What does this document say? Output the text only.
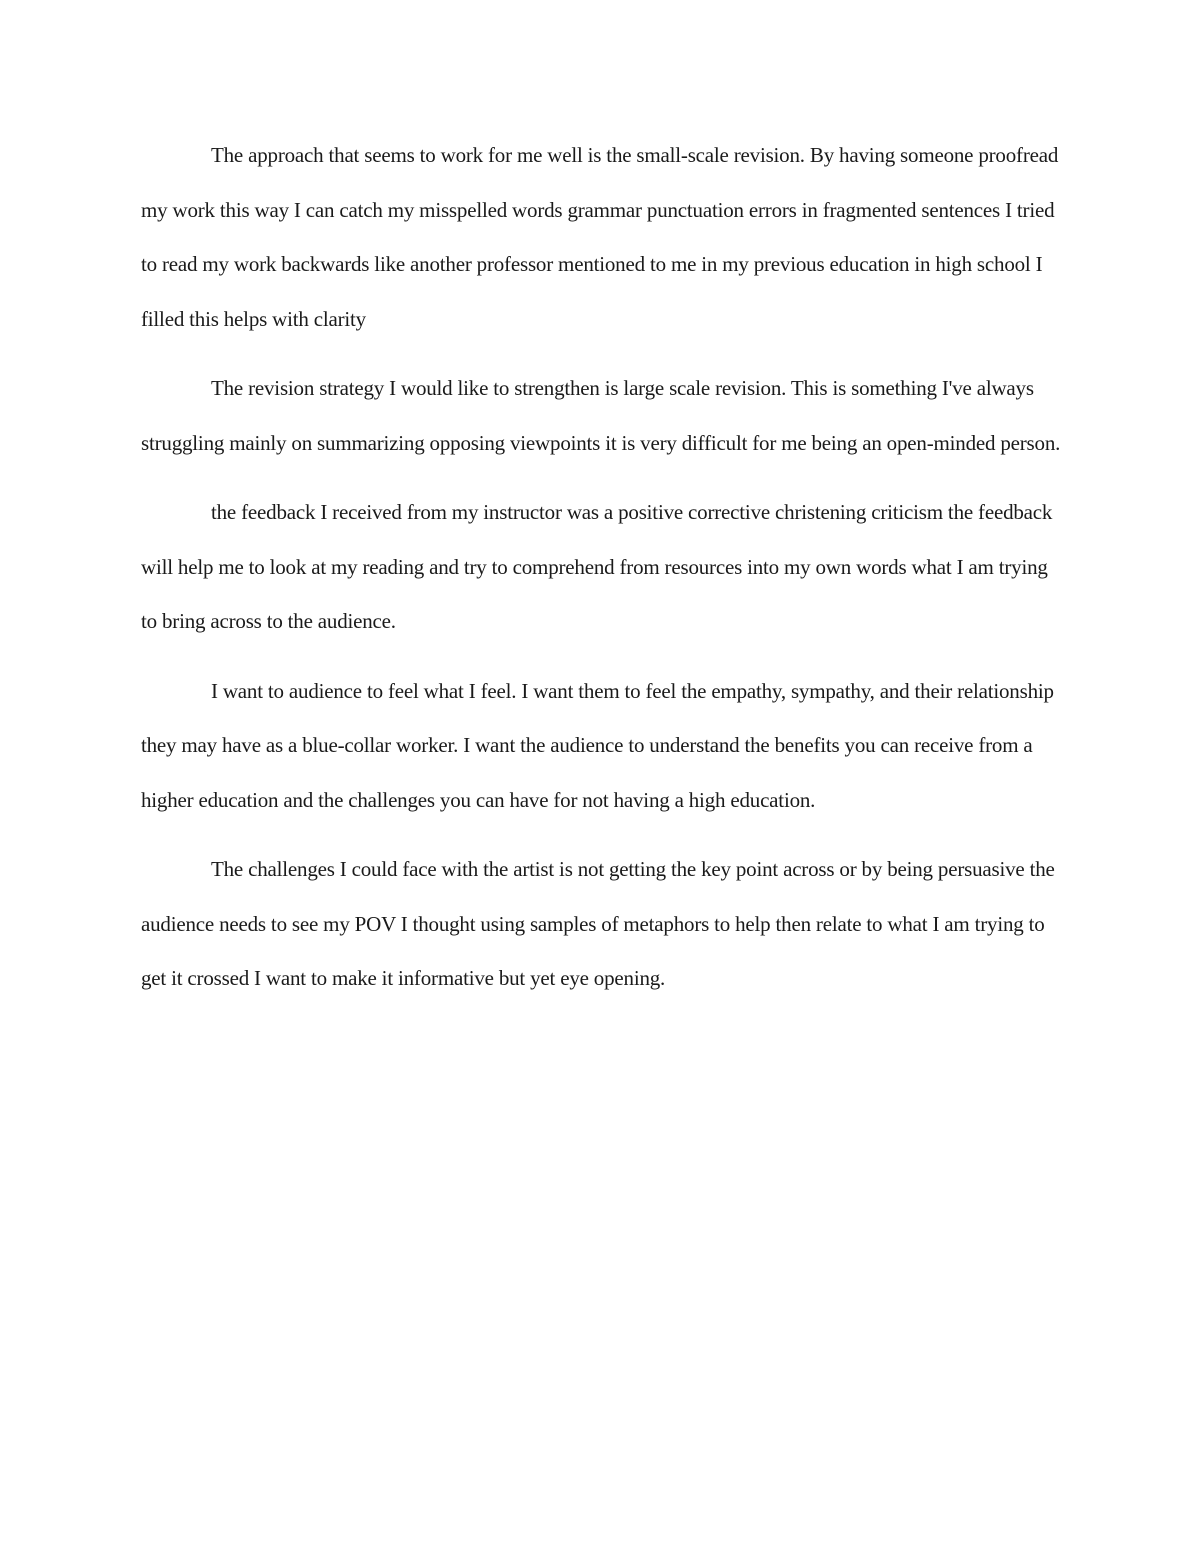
The approach that seems to work for me well is the small-scale revision. By having someone proofread my work this way I can catch my misspelled words grammar punctuation errors in fragmented sentences I tried to read my work backwards like another professor mentioned to me in my previous education in high school I filled this helps with clarity

The revision strategy I would like to strengthen is large scale revision. This is something I've always struggling mainly on summarizing opposing viewpoints it is very difficult for me being an open-minded person.

the feedback I received from my instructor was a positive corrective christening criticism the feedback will help me to look at my reading and try to comprehend from resources into my own words what I am trying to bring across to the audience.

I want to audience to feel what I feel. I want them to feel the empathy, sympathy, and their relationship they may have as a blue-collar worker. I want the audience to understand the benefits you can receive from a higher education and the challenges you can have for not having a high education.

The challenges I could face with the artist is not getting the key point across or by being persuasive the audience needs to see my POV I thought using samples of metaphors to help then relate to what I am trying to get it crossed I want to make it informative but yet eye opening.
